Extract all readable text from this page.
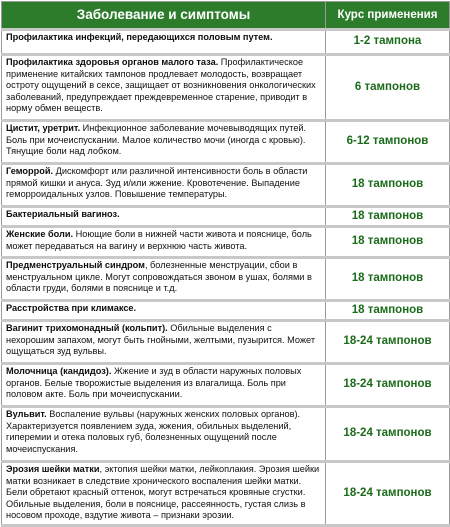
Заболевание и симптомы	Курс применения
Профилактика инфекций, передающихся половым путем.	1-2 тампона
Профилактика здоровья органов малого таза. Профилактическое применение китайских тампонов продлевает молодость, возвращает остроту ощущений в сексе, защищает от возникновения онкологических заболеваний, предупреждает преждевременное старение, приводит в норму обмен веществ.	6 тампонов
Цистит, уретрит. Инфекционное заболевание мочевыводящих путей. Боль при мочеиспускании. Малое количество мочи (иногда с кровью). Тянущие боли над лобком.	6-12 тампонов
Геморрой. Дискомфорт или различной интенсивности боль в области прямой кишки и ануса. Зуд и/или жжение. Кровотечение. Выпадение геморроидальных узлов. Повышение температуры.	18 тампонов
Бактериальный вагиноз.	18 тампонов
Женские боли. Ноющие боли в нижней части живота и пояснице, боль может передаваться на вагину и верхнюю часть живота.	18 тампонов
Предменструальный синдром, болезненные менструации, сбои в менструальном цикле. Могут сопровождаться звоном в ушах, болями в области груди, болями в пояснице и т.д.	18 тампонов
Расстройства при климаксе.	18 тампонов
Вагинит трихомонадный (кольпит). Обильные выделения с нехорошим запахом, могут быть гнойными, желтыми, пузырится. Может ощущаться зуд вульвы.	18-24 тампонов
Молочница (кандидоз). Жжение и зуд в области наружных половых органов. Белые творожистые выделения из влагалища. Боль при половом акте. Боль при мочеиспускании.	18-24 тампонов
Вульвит. Воспаление вульвы (наружных женских половых органов). Характеризуется появлением зуда, жжения, обильных выделений, гиперемии и отека половых губ, болезненных ощущений после мочеиспускания.	18-24 тампонов
Эрозия шейки матки, эктопия шейки матки, лейкоплакия. Эрозия шейки матки возникает в следствие хронического воспаления шейки матки. Бели обретают красный оттенок, могут встречаться кровяные сгустки. Обильные выделения, боли в пояснице, рассеянность, густая слизь в носовом проходе, вздутие живота – признаки эрозии.	18-24 тампонов
